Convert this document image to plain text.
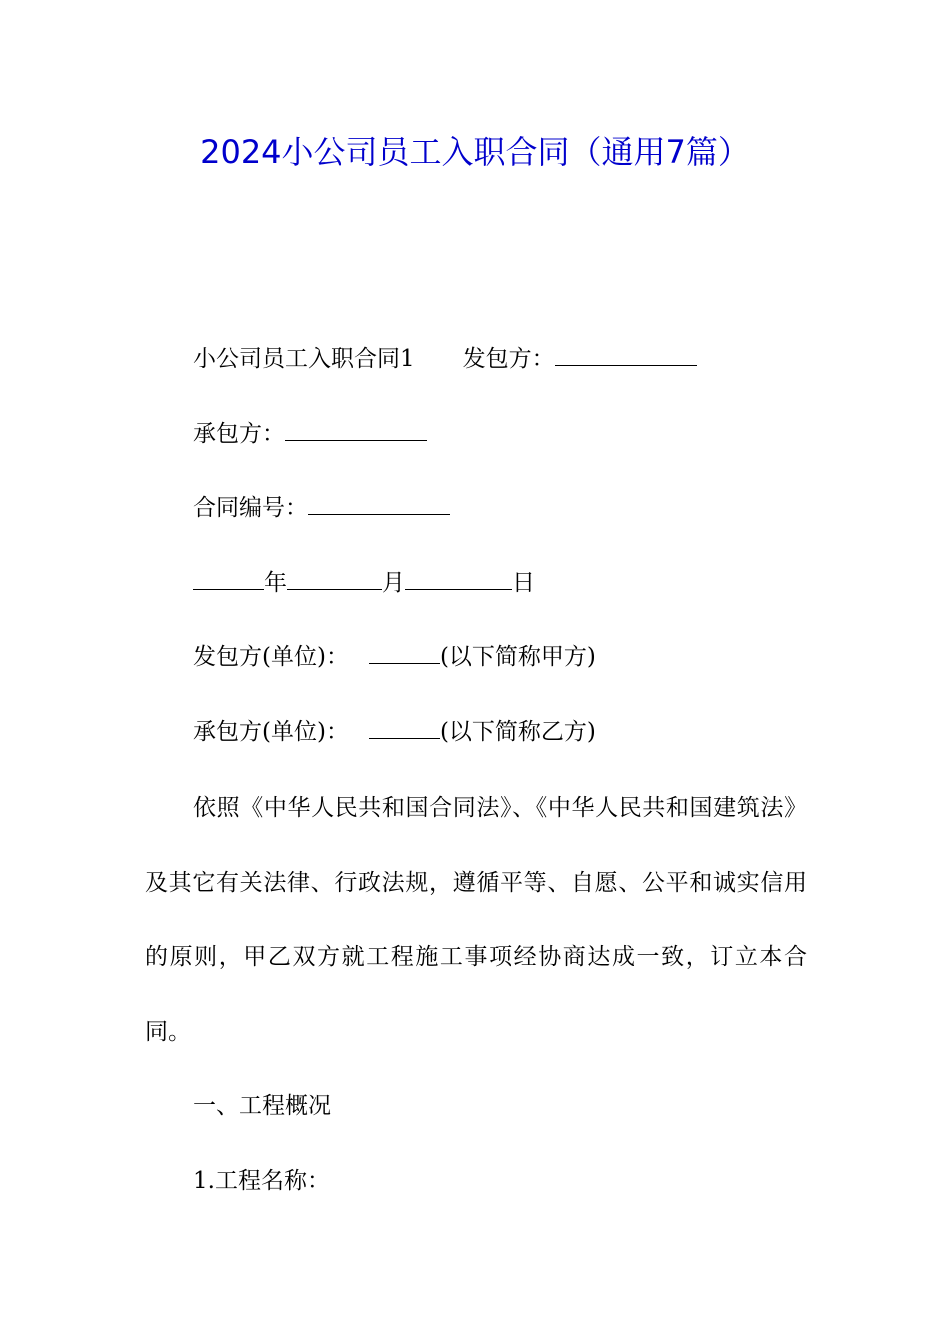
2024小公司员工入职合同（通用7篇）

小公司员工入职合同1 发包方：

承包方：

合同编号：

年	月	日

发包方(单位)：	(以下简称甲方)

承包方(单位)：	(以下简称乙方)

依照《中华人民共和国合同法》、《中华人民共和国建筑法》及其它有关法律、行政法规，遵循平等、自愿、公平和诚实信用的原则，甲乙双方就工程施工事项经协商达成一致，订立本合同。

一、工程概况

1.工程名称：
